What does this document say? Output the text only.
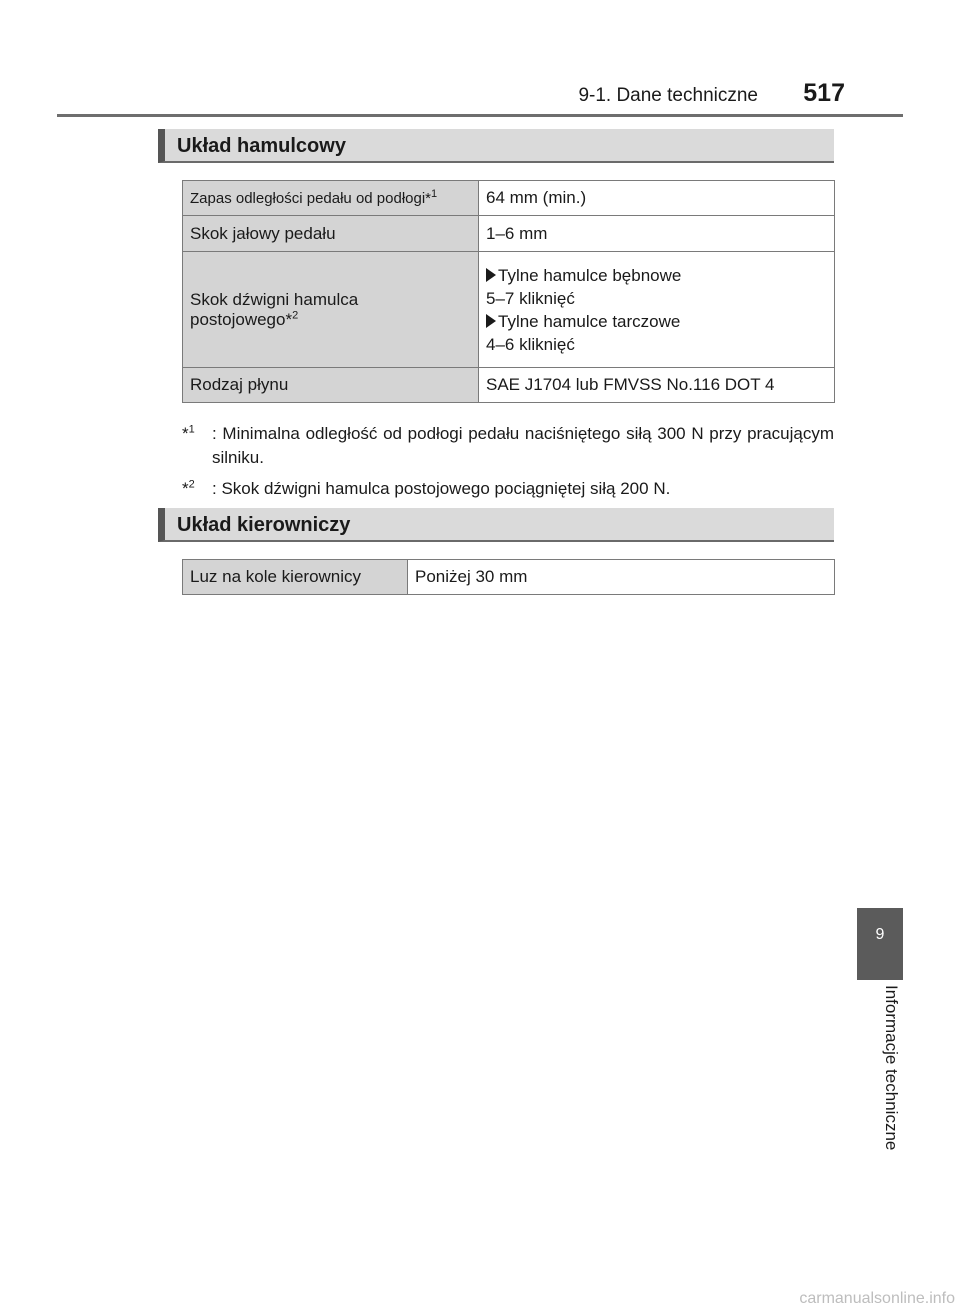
9-1. Dane techniczne 517
9
Informacje techniczne
Układ hamulcowy
Zapas odległości pedału od podłogi*$^1$	64 mm (min.)
Skok jałowy pedału	1–6 mm
Skok dźwigni hamulca postojowego*$^2$	Tylne hamulce bębnowe
5–7 kliknięć
Tylne hamulce tarczowe
4–6 kliknięć

Rodzaj płynu	SAE J1704 lub FMVSS No.116 DOT 4
*$^1$	: Minimalna odległość od podłogi pedału naciśniętego siłą 300 N przy pracującym silniku.
*$^2$	: Skok dźwigni hamulca postojowego pociągniętej siłą 200 N.
Układ kierowniczy
Luz na kole kierownicy	Poniżej 30 mm
carmanualsonline.info
